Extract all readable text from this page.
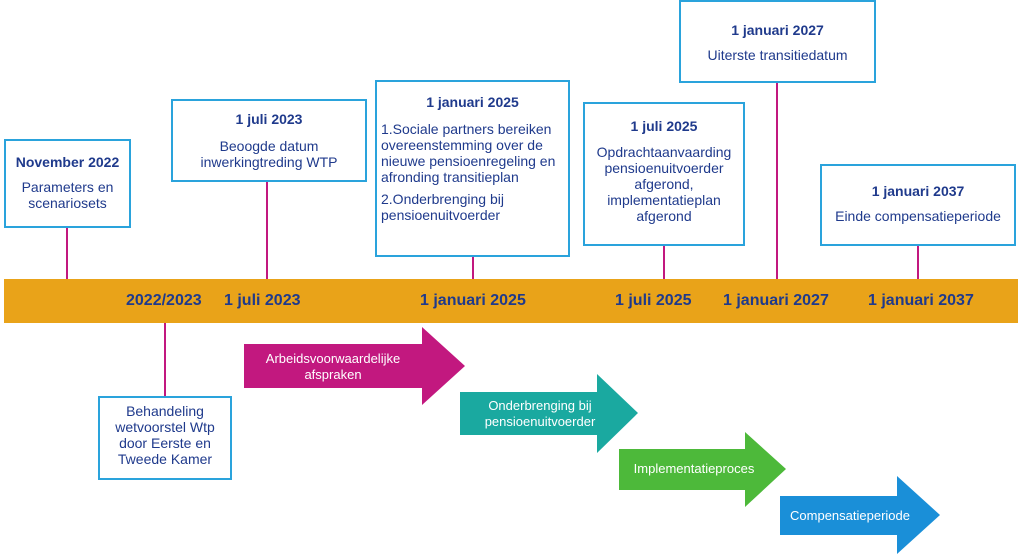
2022/2023 1 juli 2023	1 januari 2025	1 juli 2025 1 januari 2027 1 januari 2037
November 2022
Parameters en
scenariosets
1 juli 2023
Beoogde datum
inwerkingtreding WTP
1 januari 2025
1.Sociale partners bereiken overeenstemming over de nieuwe pensioenregeling en afronding transitieplan
2.Onderbrenging bij pensioenuitvoerder
1 juli 2025
Opdrachtaanvaarding
pensioenuitvoerder
afgerond,
implementatieplan
afgerond
1 januari 2027
Uiterste transitiedatum
1 januari 2037
Einde compensatieperiode
Behandeling
wetvoorstel Wtp
door Eerste en
Tweede Kamer
Arbeidsvoorwaardelijke
afspraken
Onderbrenging bij
pensioenuitvoerder
Implementatieproces
Compensatieperiode
